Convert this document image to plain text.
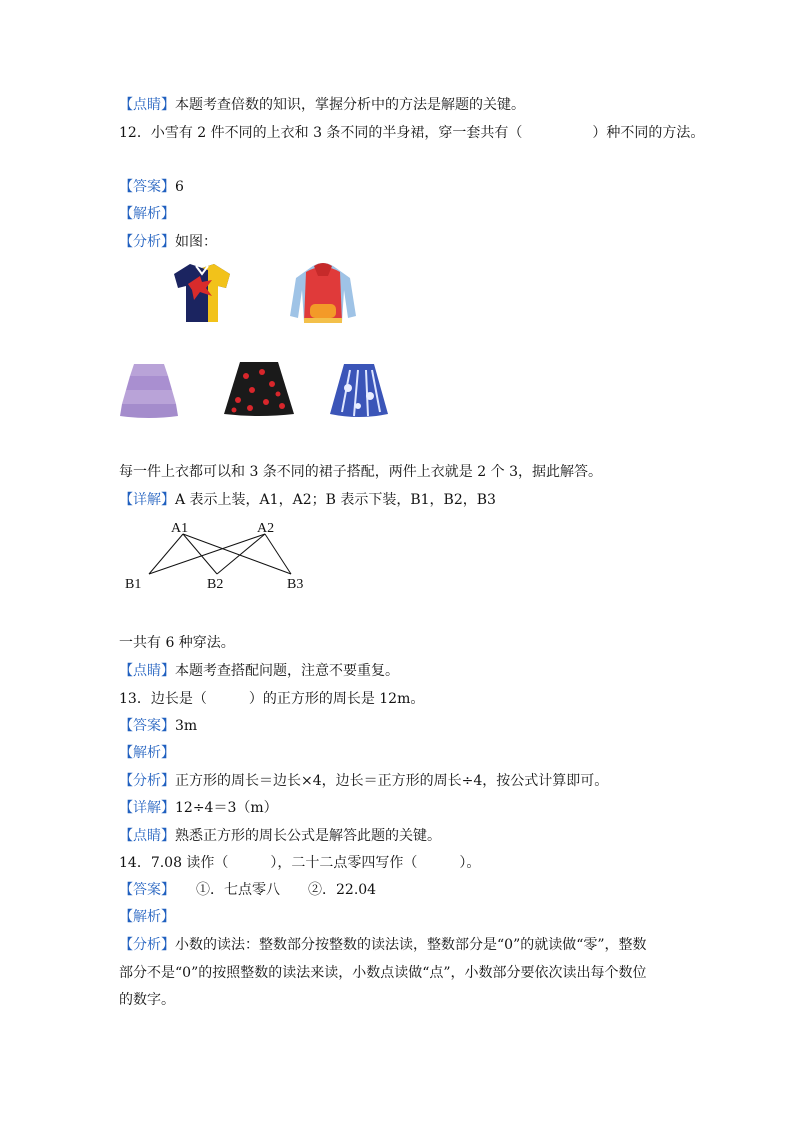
【点睛】本题考查倍数的知识，掌握分析中的方法是解题的关键。
12．小雪有 2 件不同的上衣和 3 条不同的半身裙，穿一套共有（　　　　　）种不同的方法。
【答案】6
【解析】
【分析】如图：
每一件上衣都可以和 3 条不同的裙子搭配，两件上衣就是 2 个 3，据此解答。
【详解】A 表示上装，A1，A2；B 表示下装，B1，B2，B3
A1	A2
B1	B2	B3
一共有 6 种穿法。
【点睛】本题考查搭配问题，注意不要重复。
13．边长是（　　　）的正方形的周长是 12m。
【答案】3m
【解析】
【分析】正方形的周长＝边长×4，边长＝正方形的周长÷4，按公式计算即可。
【详解】12÷4＝3（m）
【点睛】熟悉正方形的周长公式是解答此题的关键。
14．7.08 读作（　　　），二十二点零四写作（　　　）。
【答案】　　①．七点零八　　②．22.04
【解析】
【分析】小数的读法：整数部分按整数的读法读，整数部分是“0”的就读做“零”，整数
部分不是“0”的按照整数的读法来读，小数点读做“点”，小数部分要依次读出每个数位
的数字。
